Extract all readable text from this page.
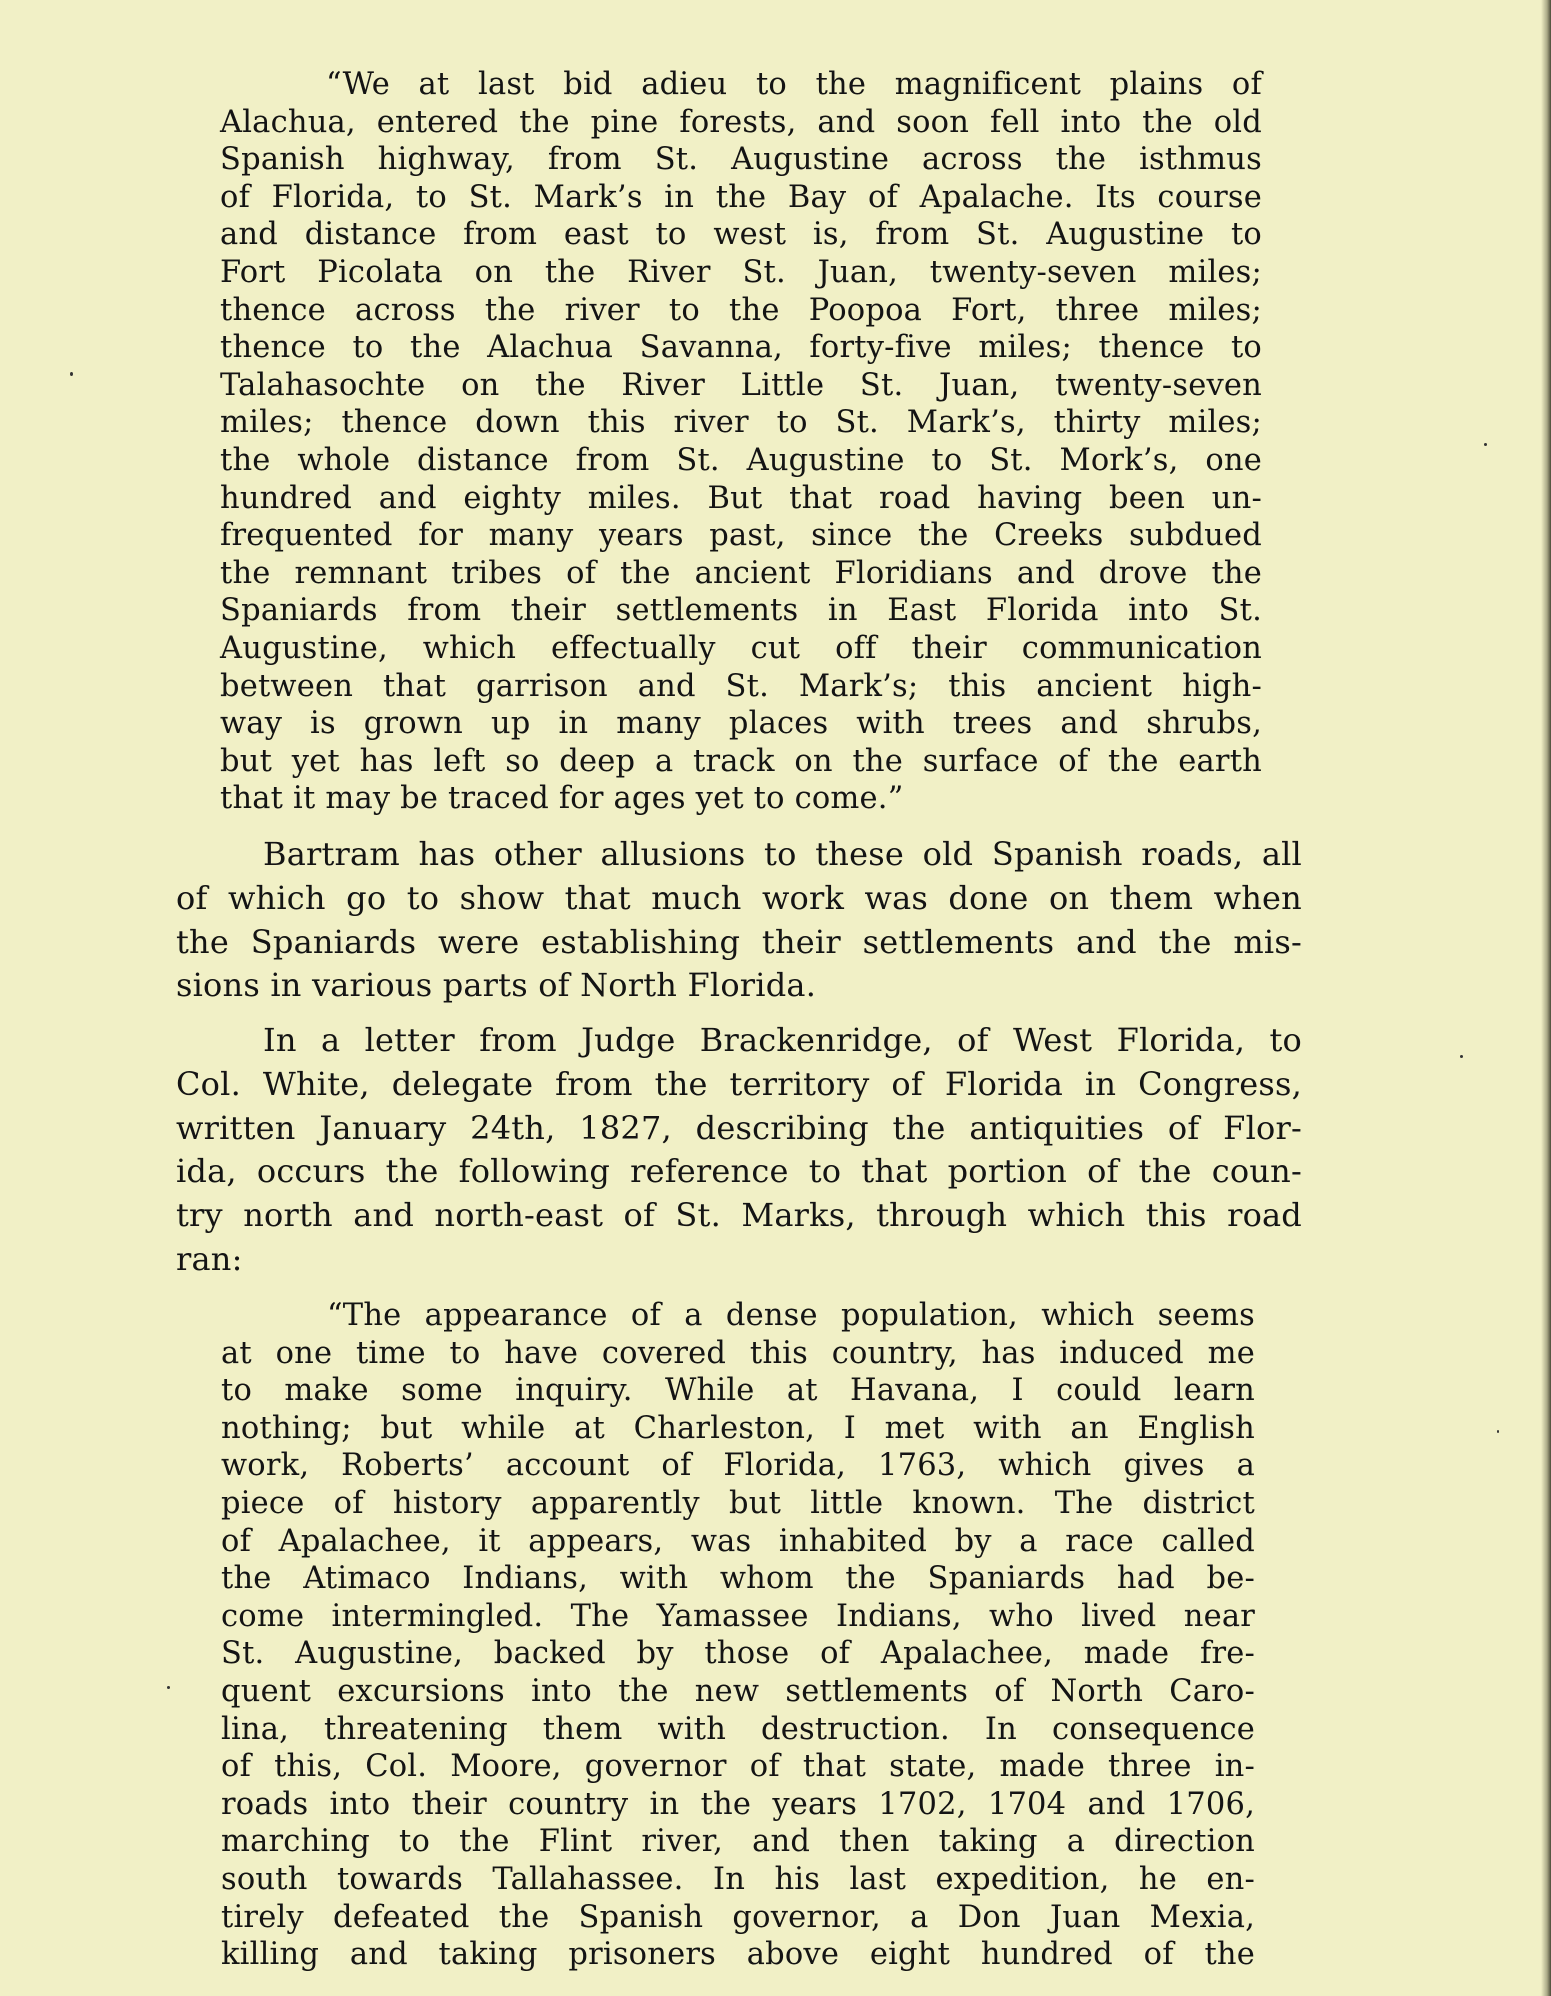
“We at last bid adieu to the magnificent plains of
Alachua, entered the pine forests, and soon fell into the old
Spanish highway, from St. Augustine across the isthmus
of Florida, to St. Mark’s in the Bay of Apalache. Its course
and distance from east to west is, from St. Augustine to
Fort Picolata on the River St. Juan, twenty-seven miles;
thence across the river to the Poopoa Fort, three miles;
thence to the Alachua Savanna, forty-five miles; thence to
Talahasochte on the River Little St. Juan, twenty-seven
miles; thence down this river to St. Mark’s, thirty miles;
the whole distance from St. Augustine to St. Mork’s, one
hundred and eighty miles. But that road having been un-
frequented for many years past, since the Creeks subdued
the remnant tribes of the ancient Floridians and drove the
Spaniards from their settlements in East Florida into St.
Augustine, which effectually cut off their communication
between that garrison and St. Mark’s; this ancient high-
way is grown up in many places with trees and shrubs,
but yet has left so deep a track on the surface of the earth
that it may be traced for ages yet to come.”
Bartram has other allusions to these old Spanish roads, all
of which go to show that much work was done on them when
the Spaniards were establishing their settlements and the mis-
sions in various parts of North Florida.
In a letter from Judge Brackenridge, of West Florida, to
Col. White, delegate from the territory of Florida in Congress,
written January 24th, 1827, describing the antiquities of Flor-
ida, occurs the following reference to that portion of the coun-
try north and north-east of St. Marks, through which this road
ran:
“The appearance of a dense population, which seems
at one time to have covered this country, has induced me
to make some inquiry. While at Havana, I could learn
nothing; but while at Charleston, I met with an English
work, Roberts’ account of Florida, 1763, which gives a
piece of history apparently but little known. The district
of Apalachee, it appears, was inhabited by a race called
the Atimaco Indians, with whom the Spaniards had be-
come intermingled. The Yamassee Indians, who lived near
St. Augustine, backed by those of Apalachee, made fre-
quent excursions into the new settlements of North Caro-
lina, threatening them with destruction. In consequence
of this, Col. Moore, governor of that state, made three in-
roads into their country in the years 1702, 1704 and 1706,
marching to the Flint river, and then taking a direction
south towards Tallahassee. In his last expedition, he en-
tirely defeated the Spanish governor, a Don Juan Mexia,
killing and taking prisoners above eight hundred of the
